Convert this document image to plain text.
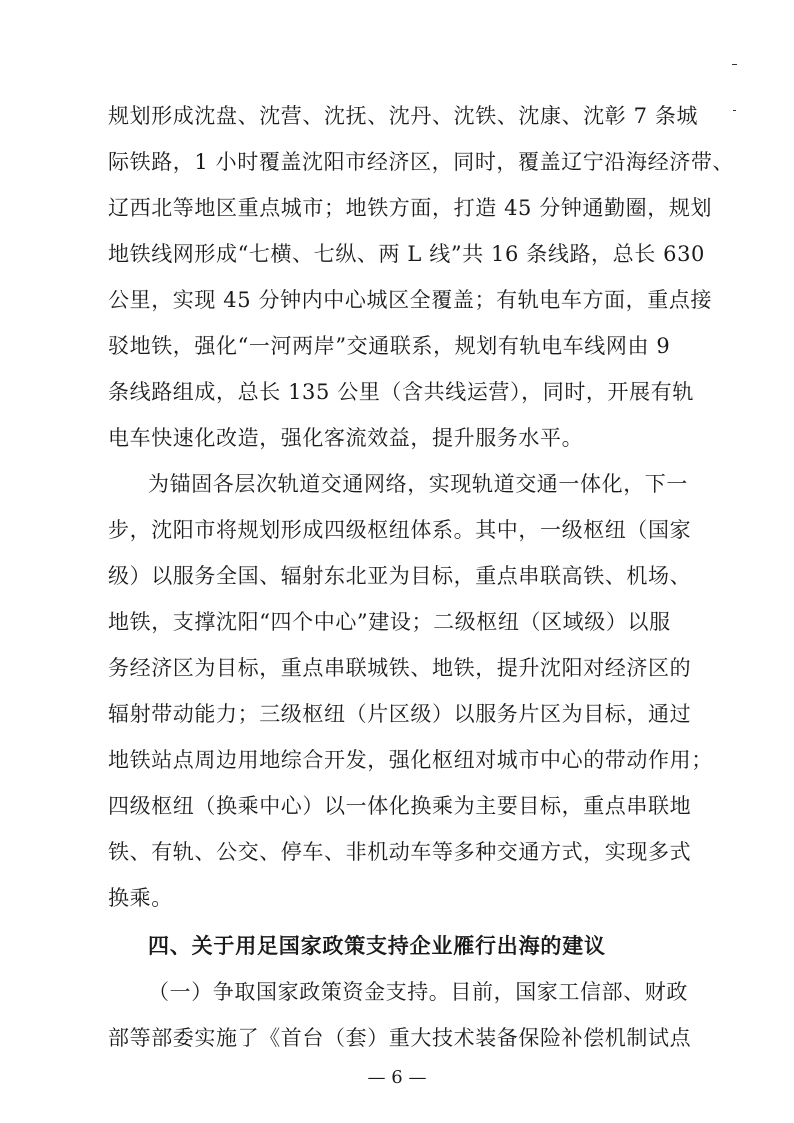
规划形成沈盘、沈营、沈抚、沈丹、沈铁、沈康、沈彰 7 条城
际铁路，1 小时覆盖沈阳市经济区，同时，覆盖辽宁沿海经济带、
辽西北等地区重点城市；地铁方面，打造 45 分钟通勤圈，规划
地铁线网形成“七横、七纵、两 L 线”共 16 条线路，总长 630
公里，实现 45 分钟内中心城区全覆盖；有轨电车方面，重点接
驳地铁，强化“一河两岸”交通联系，规划有轨电车线网由 9
条线路组成，总长 135 公里（含共线运营），同时，开展有轨
电车快速化改造，强化客流效益，提升服务水平。
为锚固各层次轨道交通网络，实现轨道交通一体化，下一
步，沈阳市将规划形成四级枢纽体系。其中，一级枢纽（国家
级）以服务全国、辐射东北亚为目标，重点串联高铁、机场、
地铁，支撑沈阳“四个中心”建设；二级枢纽（区域级）以服
务经济区为目标，重点串联城铁、地铁，提升沈阳对经济区的
辐射带动能力；三级枢纽（片区级）以服务片区为目标，通过
地铁站点周边用地综合开发，强化枢纽对城市中心的带动作用；
四级枢纽（换乘中心）以一体化换乘为主要目标，重点串联地
铁、有轨、公交、停车、非机动车等多种交通方式，实现多式
换乘。
四、关于用足国家政策支持企业雁行出海的建议
（一）争取国家政策资金支持。目前，国家工信部、财政
部等部委实施了《首台（套）重大技术装备保险补偿机制试点
— 6 —
